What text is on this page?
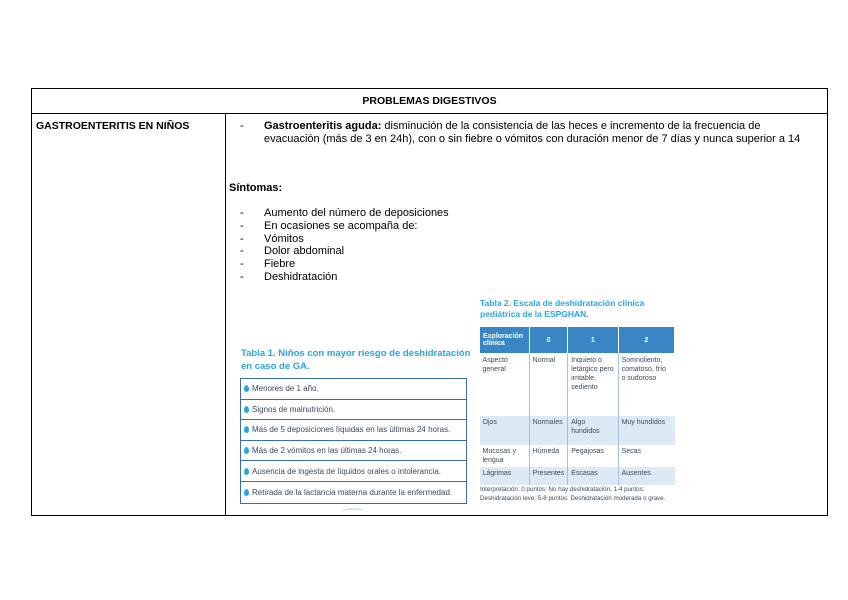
PROBLEMAS DIGESTIVOS
GASTROENTERITIS EN NIÑOS	-	Gastroenteritis aguda: disminución de la consistencia de las heces e incremento de la frecuencia de evacuación (más de 3 en 24h), con o sin fiebre o vómitos con duración menor de 7 días y nunca superior a 14
Síntomas:
- Aumento del número de deposiciones
- En ocasiones se acompaña de:
- Vómitos
- Dolor abdominal
- Fiebre
- Deshidratación
Tabla 1. Niños con mayor riesgo de deshidratación en caso de GA.
Menores de 1 año.
Signos de malnutrición.
Más de 5 deposiciones líquidas en las últimas 24 horas.
Más de 2 vómitos en las últimas 24 horas.
Ausencia de ingesta de líquidos orales o intolerancia.
Retirada de la lactancia materna durante la enfermedad.
Tabla 2. Escala de deshidratación clínica pediátrica de la ESPGHAN.
Exploración clínica	0	1	2
Aspecto general	Normal	Inquieto o letárgico pero irritable, sediento	Somnoliento, comatoso, frío o sudoroso
Ojos	Normales	Algo hundidos	Muy hundidos
Mucosas y lengua	Húmeda	Pegajosas	Secas
Lágrimas	Presentes	Escasas	Ausentes
Interpretación: 0 puntos: No hay deshidratación. 1-4 puntos: Deshidratación leve. 5-8 puntos: Deshidratación moderada o grave.
